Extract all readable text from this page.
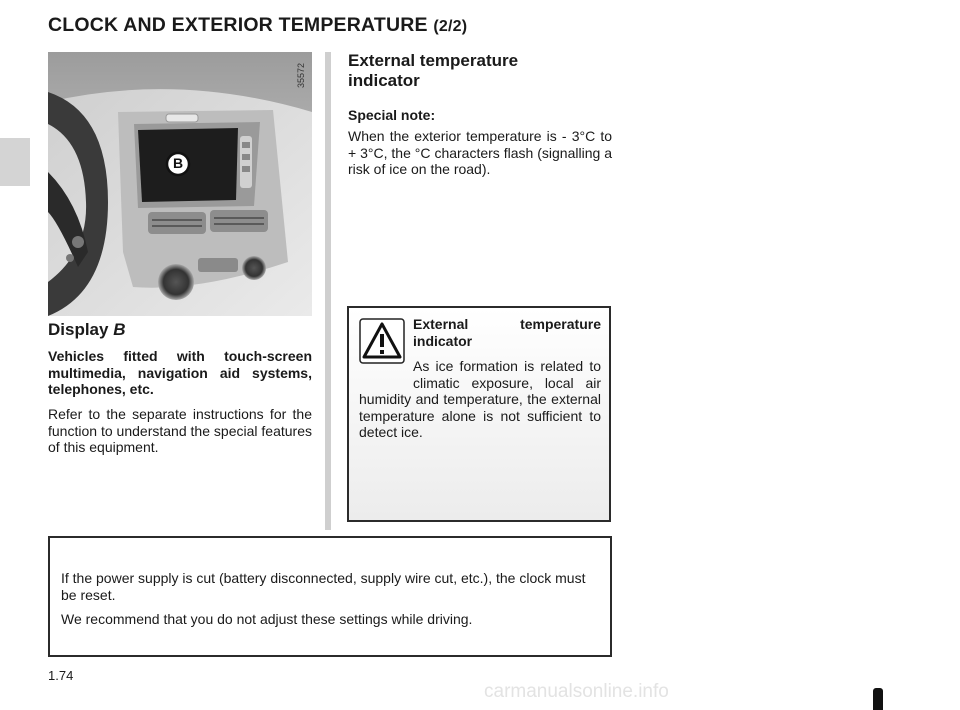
CLOCK AND EXTERIOR TEMPERATURE (2/2)
B
35572
Display B
Vehicles fitted with touch-screen multimedia, navigation aid systems, telephones, etc.
Refer to the separate instructions for the function to understand the special features of this equipment.
External temperature indicator
Special note:
When the exterior temperature is - 3°C to + 3°C, the °C characters flash (signalling a risk of ice on the road).
External temperature indicator
As ice formation is related to climatic exposure, local air humidity and temperature, the external temperature alone is not sufficient to detect ice.
If the power supply is cut (battery disconnected, supply wire cut, etc.), the clock must be reset.
We recommend that you do not adjust these settings while driving.
1.74
carmanualsonline.info
